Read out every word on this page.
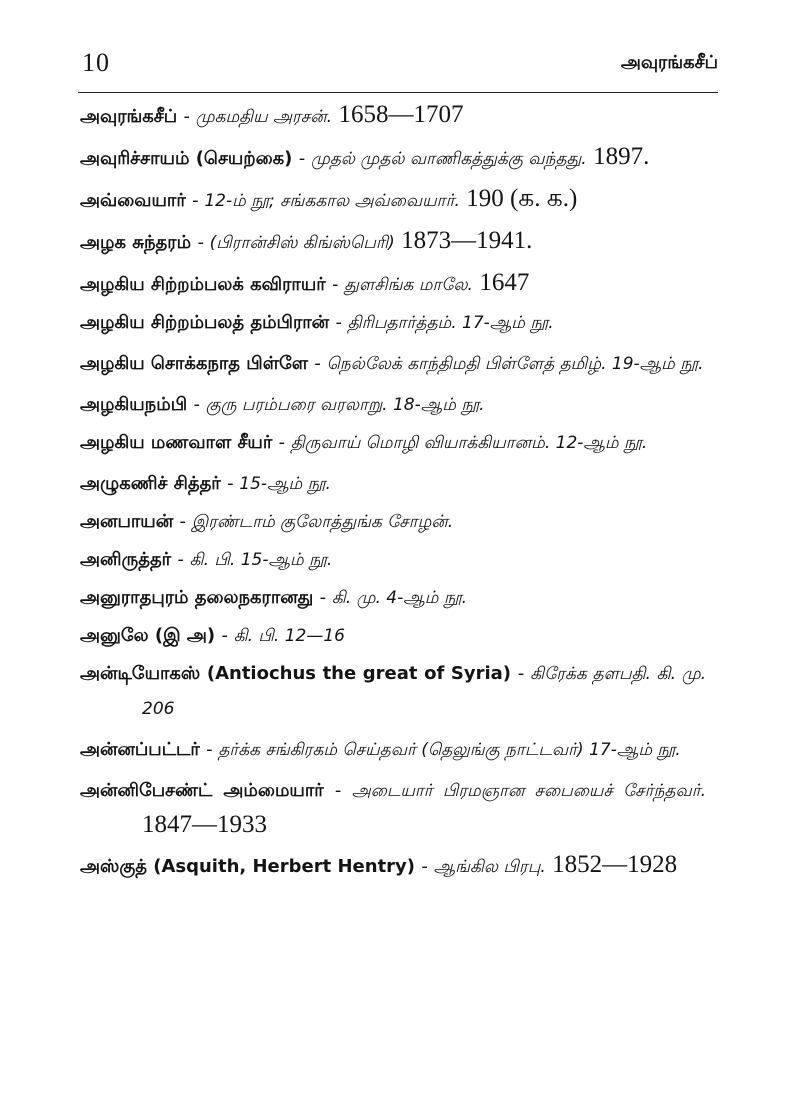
10	அவுரங்கசீப்
அவுரங்கசீப் - முகமதிய அரசன். 1658—1707
அவுரிச்சாயம் (செயற்கை) - முதல் முதல் வாணிகத்துக்கு வந்தது. 1897.
அவ்வையார் - 12-ம் நூ; சங்ககால அவ்வையார். 190 (க. க.)
அழக சுந்தரம் - (பிரான்சிஸ் கிங்ஸ்பெரி) 1873—1941.
அழகிய சிற்றம்பலக் கவிராயர் - துளசிங்க மாலே. 1647
அழகிய சிற்றம்பலத் தம்பிரான் - திரிபதார்த்தம். 17-ஆம் நூ.
அழகிய சொக்கநாத பிள்ளே - நெல்லேக் காந்திமதி பிள்ளேத் தமிழ். 19-ஆம் நூ.
அழகியநம்பி - குரு பரம்பரை வரலாறு. 18-ஆம் நூ.
அழகிய மணவாள சீயர் - திருவாய் மொழி வியாக்கியானம். 12-ஆம் நூ.
அழுகணிச் சித்தர் - 15-ஆம் நூ.
அனபாயன் - இரண்டாம் குலோத்துங்க சோழன்.
அனிருத்தர் - கி. பி. 15-ஆம் நூ.
அனுராதபுரம் தலைநகரானது - கி. மு. 4-ஆம் நூ.
அனுலே (இ அ) - கி. பி. 12—16
அன்டியோகஸ் (Antiochus the great of Syria) - கிரேக்க தளபதி. கி. மு. 206
அன்னப்பட்டர் - தர்க்க சங்கிரகம் செய்தவர் (தெலுங்கு நாட்டவர்) 17-ஆம் நூ.
அன்னிபேசண்ட் அம்மையார் - அடையார் பிரமஞான சபையைச் சேர்ந்தவர். 1847—1933
அஸ்குத் (Asquith, Herbert Hentry) - ஆங்கில பிரபு. 1852—1928
